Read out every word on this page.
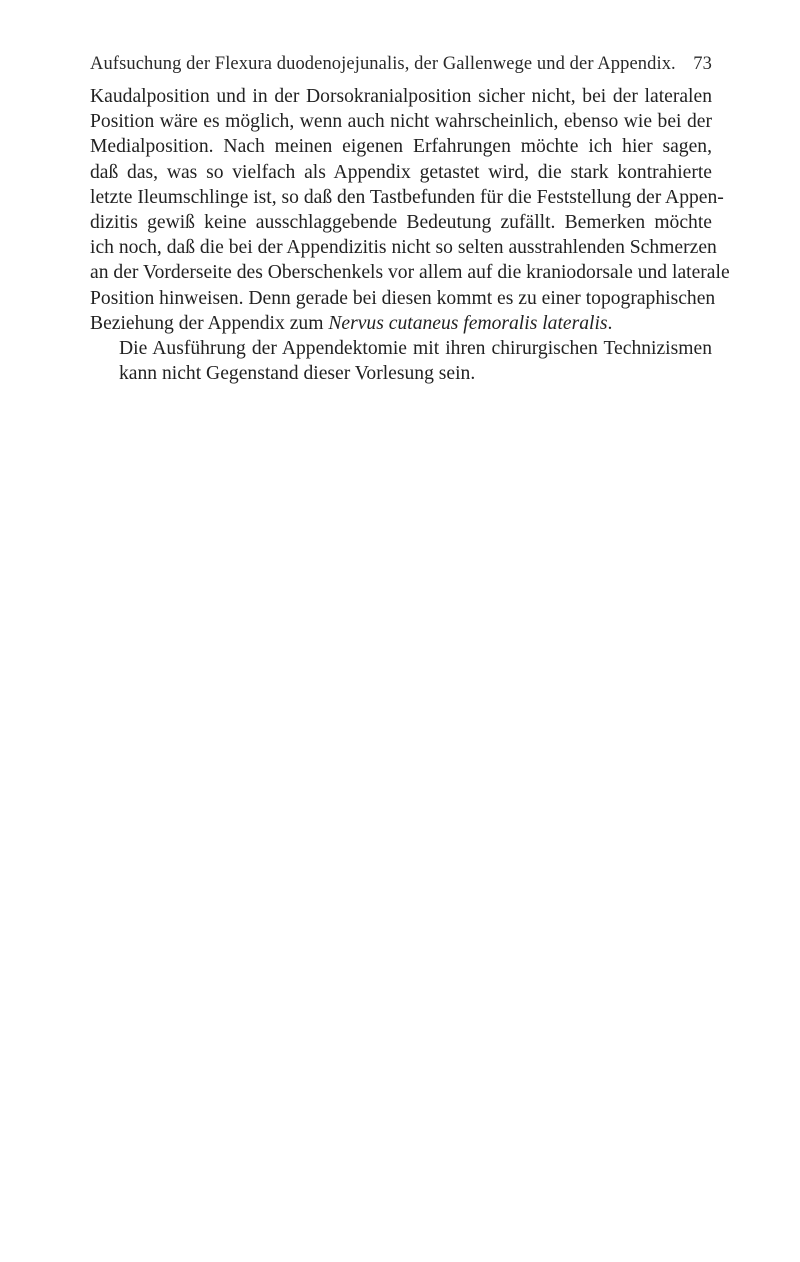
Aufsuchung der Flexura duodenojejunalis, der Gallenwege und der Appendix. 73

Kaudalposition und in der Dorsokranialposition sicher nicht, bei der lateralen
Position wäre es möglich, wenn auch nicht wahrscheinlich, ebenso wie bei der
Medialposition. Nach meinen eigenen Erfahrungen möchte ich hier sagen,
daß das, was so vielfach als Appendix getastet wird, die stark kontrahierte
letzte Ileumschlinge ist, so daß den Tastbefunden für die Feststellung der Appen-
dizitis gewiß keine ausschlaggebende Bedeutung zufällt. Bemerken möchte
ich noch, daß die bei der Appendizitis nicht so selten ausstrahlenden Schmerzen
an der Vorderseite des Oberschenkels vor allem auf die kraniodorsale und laterale
Position hinweisen. Denn gerade bei diesen kommt es zu einer topographischen
Beziehung der Appendix zum Nervus cutaneus femoralis lateralis.

Die Ausführung der Appendektomie mit ihren chirurgischen Technizismen
kann nicht Gegenstand dieser Vorlesung sein.
